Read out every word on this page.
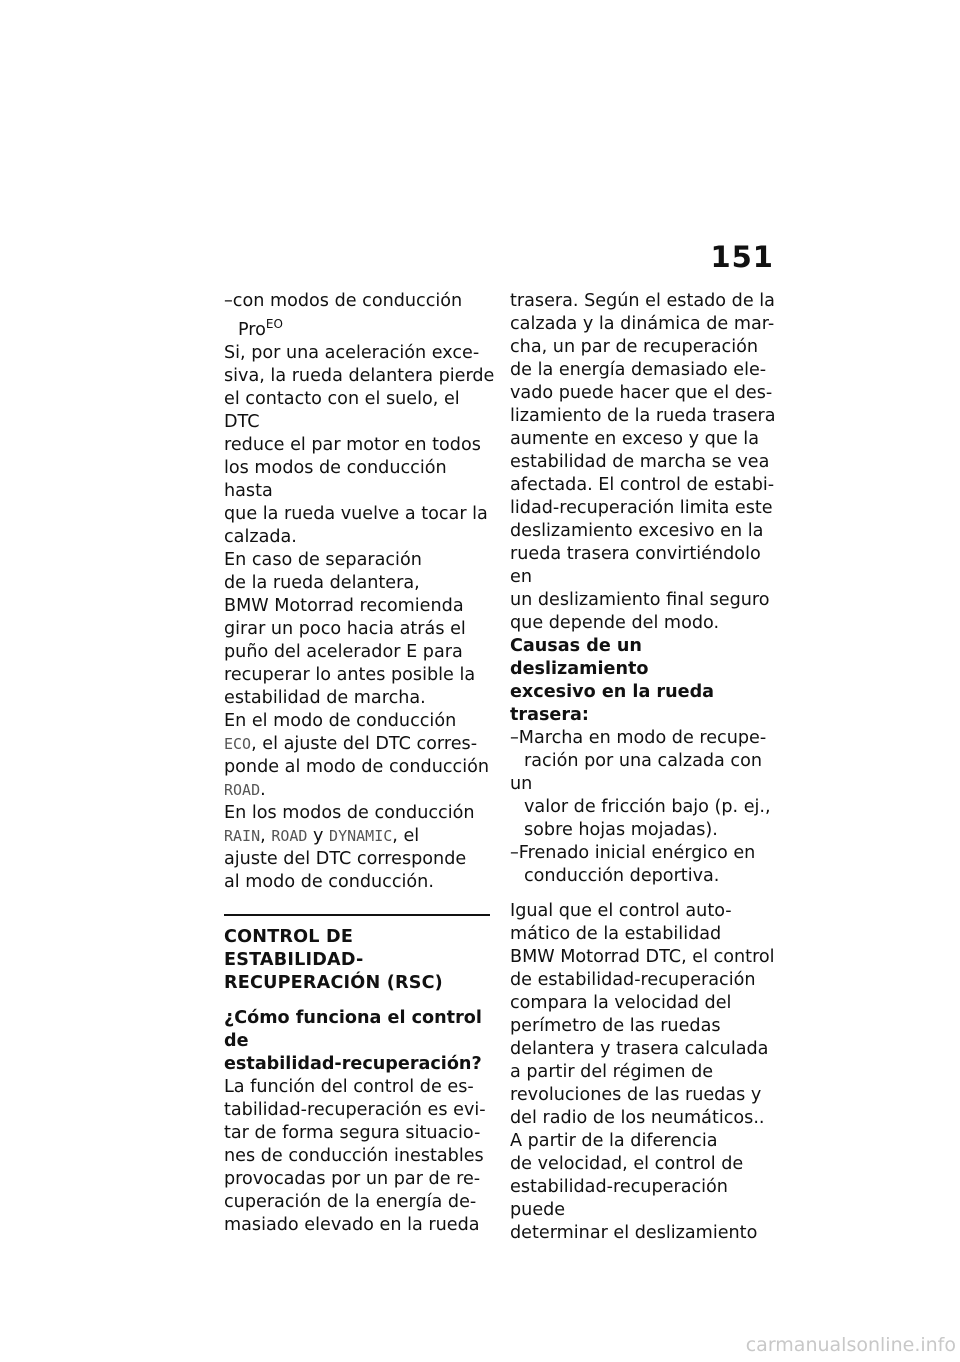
151

–con modos de conducción
Pro$^{EO}$

Si, por una aceleración exce-
siva, la rueda delantera pierde
el contacto con el suelo, el DTC
reduce el par motor en todos
los modos de conducción hasta
que la rueda vuelve a tocar la
calzada.

En caso de separación
de la rueda delantera,
BMW Motorrad recomienda
girar un poco hacia atrás el
puño del acelerador E para
recuperar lo antes posible la
estabilidad de marcha.

En el modo de conducción
ECO, el ajuste del DTC corres-
ponde al modo de conducción
ROAD.

En los modos de conducción
RAIN, ROAD y DYNAMIC, el
ajuste del DTC corresponde
al modo de conducción.

CONTROL DE ESTABILIDAD-
RECUPERACIÓN (RSC)
¿Cómo funciona el control de
estabilidad-recuperación?

La función del control de es-
tabilidad-recuperación es evi-
tar de forma segura situacio-
nes de conducción inestables
provocadas por un par de re-
cuperación de la energía de-
masiado elevado en la rueda

trasera. Según el estado de la
calzada y la dinámica de mar-
cha, un par de recuperación
de la energía demasiado ele-
vado puede hacer que el des-
lizamiento de la rueda trasera
aumente en exceso y que la
estabilidad de marcha se vea
afectada. El control de estabi-
lidad-recuperación limita este
deslizamiento excesivo en la
rueda trasera convirtiéndolo en
un deslizamiento final seguro
que depende del modo.

Causas de un deslizamiento
excesivo en la rueda trasera:

–Marcha en modo de recupe-
ración por una calzada con un
valor de fricción bajo (p. ej.,
sobre hojas mojadas).

–Frenado inicial enérgico en
conducción deportiva.

Igual que el control auto-
mático de la estabilidad
BMW Motorrad DTC, el control
de estabilidad-recuperación
compara la velocidad del
perímetro de las ruedas
delantera y trasera calculada
a partir del régimen de
revoluciones de las ruedas y
del radio de los neumáticos..

A partir de la diferencia
de velocidad, el control de
estabilidad-recuperación puede
determinar el deslizamiento

carmanualsonline.info
